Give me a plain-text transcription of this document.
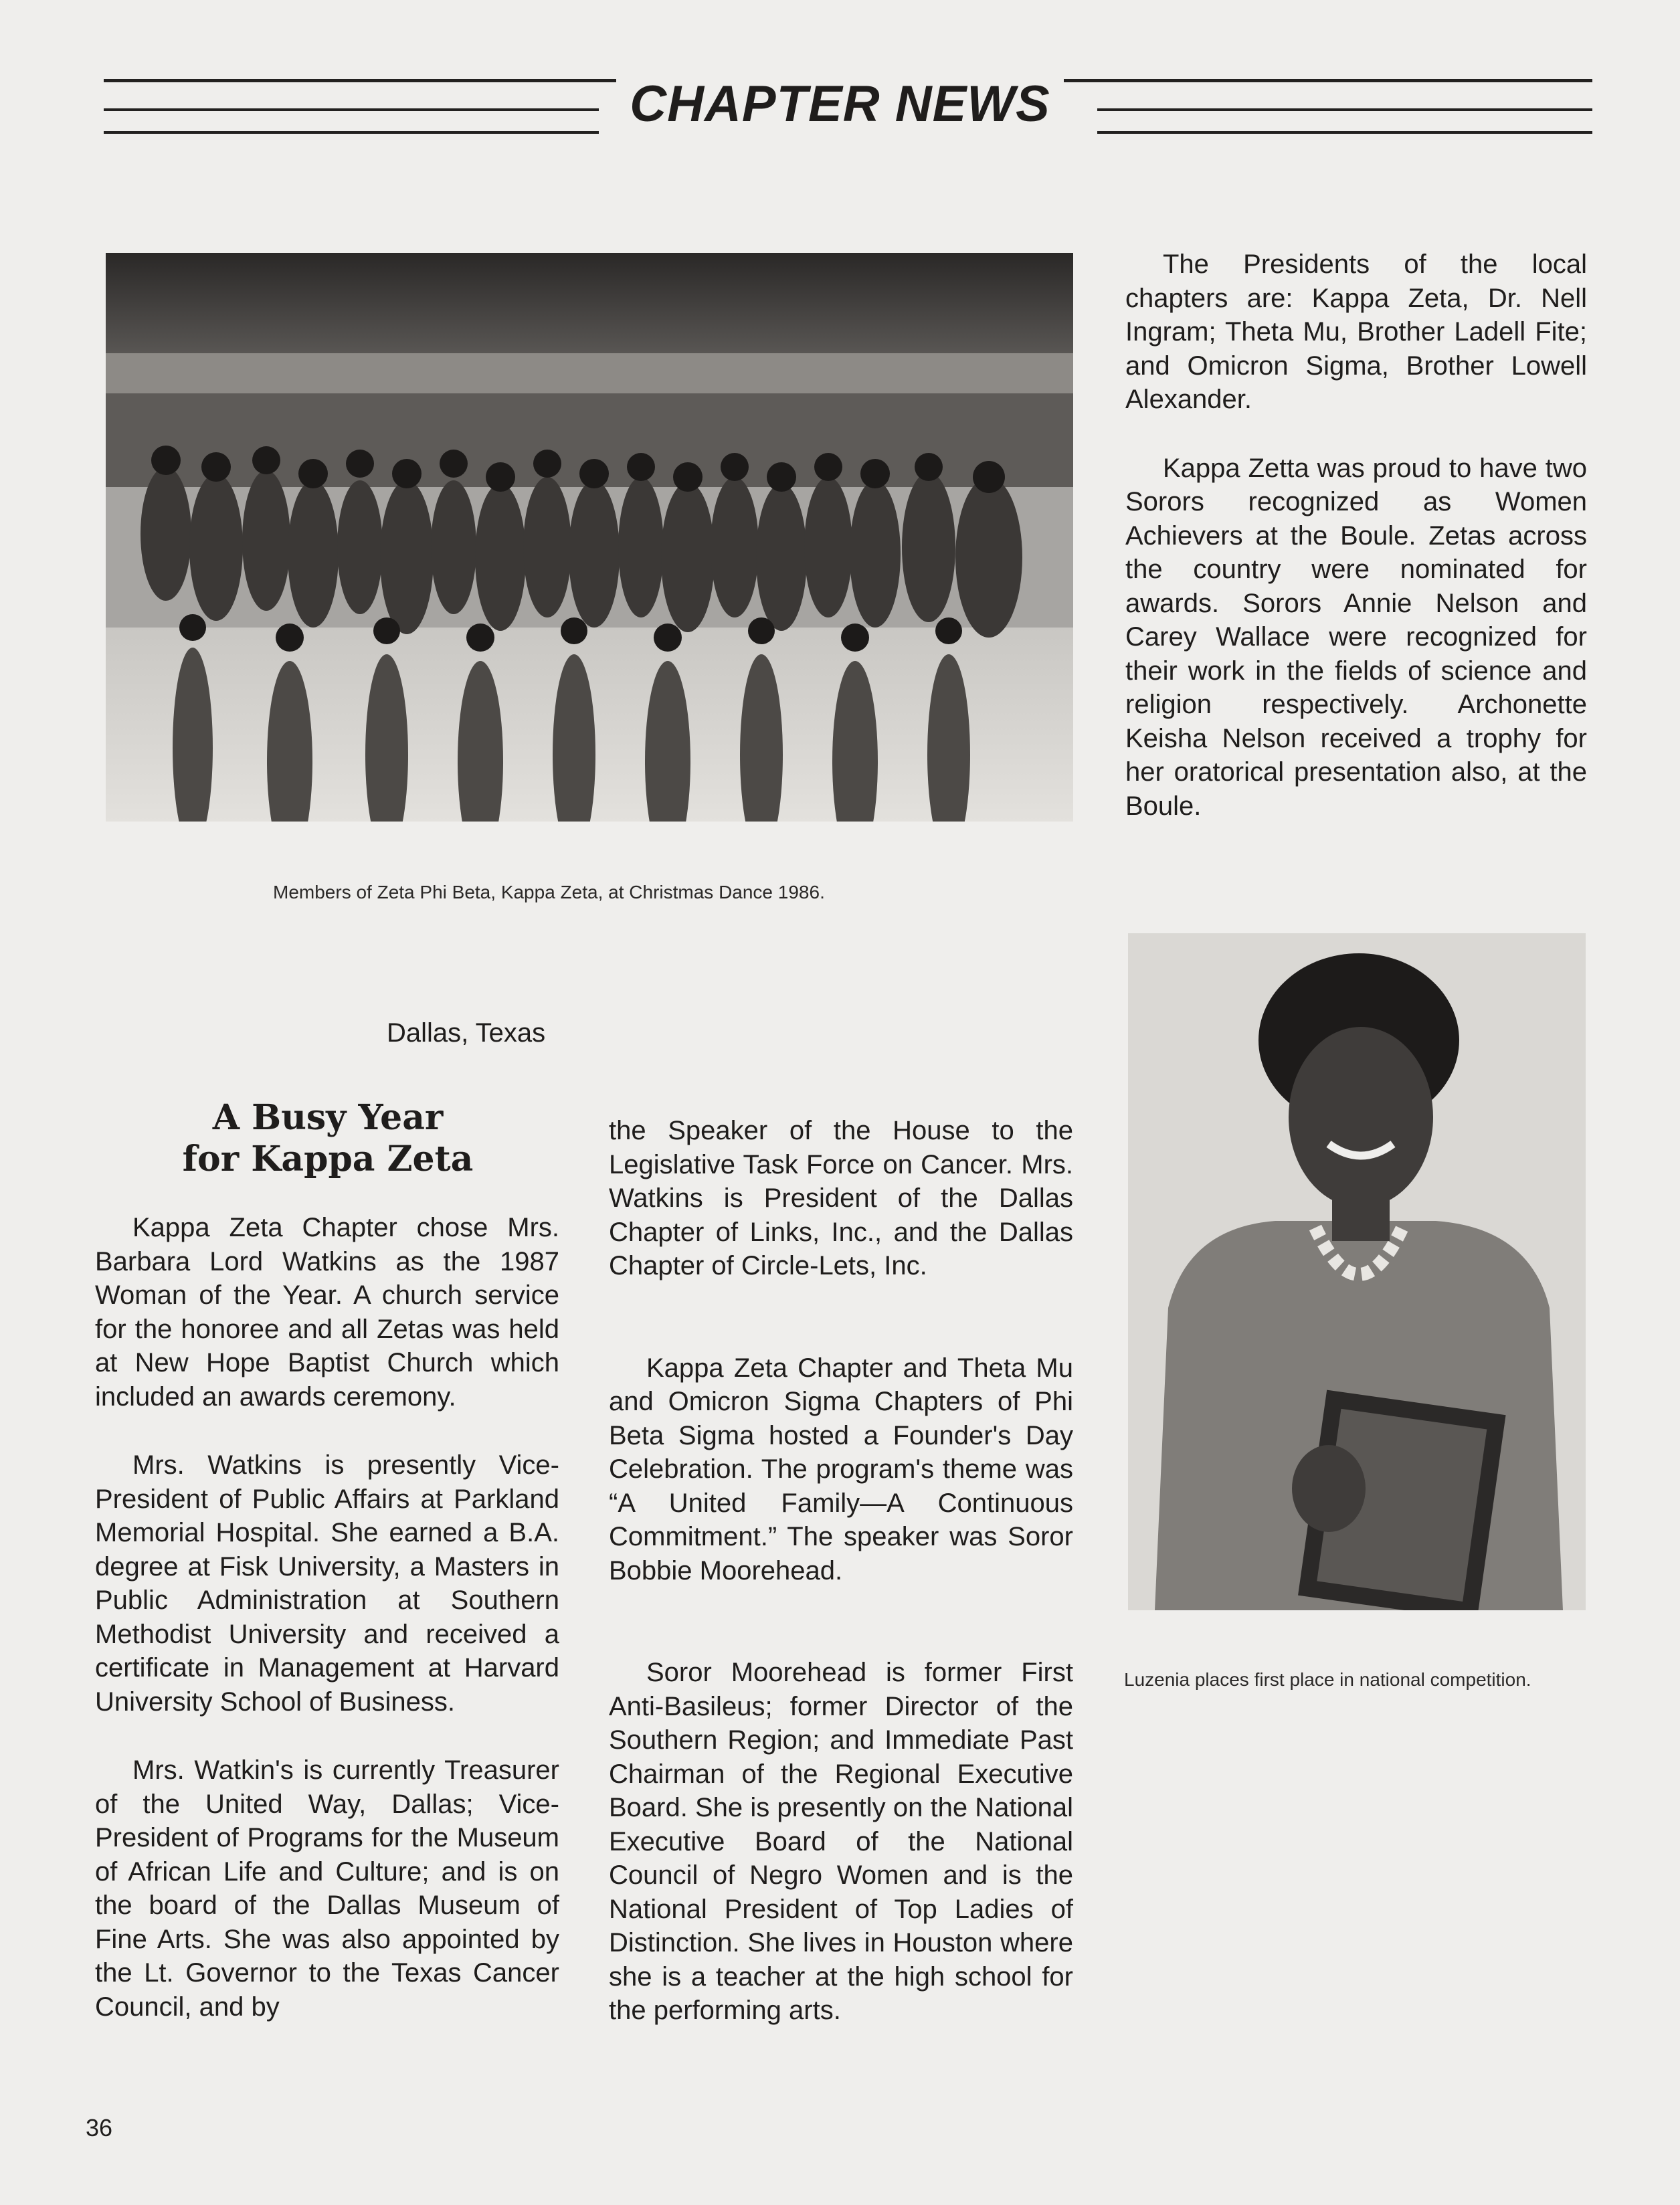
CHAPTER NEWS
Members of Zeta Phi Beta, Kappa Zeta, at Christmas Dance 1986.

The Presidents of the local chapters are: Kappa Zeta, Dr. Nell Ingram; Theta Mu, Brother Ladell Fite; and Omicron Sigma, Brother Lowell Alexander.

Kappa Zetta was proud to have two Sorors recognized as Women Achievers at the Boule. Zetas across the country were nominated for awards. Sorors Annie Nelson and Carey Wallace were recognized for their work in the fields of science and religion respectively. Archonette Keisha Nelson received a trophy for her oratorical presentation also, at the Boule.

Luzenia places first place in national competition.
Dallas, Texas
A Busy Year
for Kappa Zeta

Kappa Zeta Chapter chose Mrs. Barbara Lord Watkins as the 1987 Woman of the Year. A church service for the honoree and all Zetas was held at New Hope Baptist Church which included an awards ceremony.

Mrs. Watkins is presently Vice-President of Public Affairs at Parkland Memorial Hospital. She earned a B.A. degree at Fisk University, a Masters in Public Administration at Southern Methodist University and received a certificate in Management at Harvard University School of Business.

Mrs. Watkin's is currently Treasurer of the United Way, Dallas; Vice-President of Programs for the Museum of African Life and Culture; and is on the board of the Dallas Museum of Fine Arts. She was also appointed by the Lt. Governor to the Texas Cancer Council, and by

the Speaker of the House to the Legislative Task Force on Cancer. Mrs. Watkins is President of the Dallas Chapter of Links, Inc., and the Dallas Chapter of Circle-Lets, Inc.

Kappa Zeta Chapter and Theta Mu and Omicron Sigma Chapters of Phi Beta Sigma hosted a Founder's Day Celebration. The program's theme was “A United Family—A Continuous Commitment.” The speaker was Soror Bobbie Moorehead.

Soror Moorehead is former First Anti-Basileus; former Director of the Southern Region; and Immediate Past Chairman of the Regional Executive Board. She is presently on the National Executive Board of the National Council of Negro Women and is the National President of Top Ladies of Distinction. She lives in Houston where she is a teacher at the high school for the performing arts.

36
